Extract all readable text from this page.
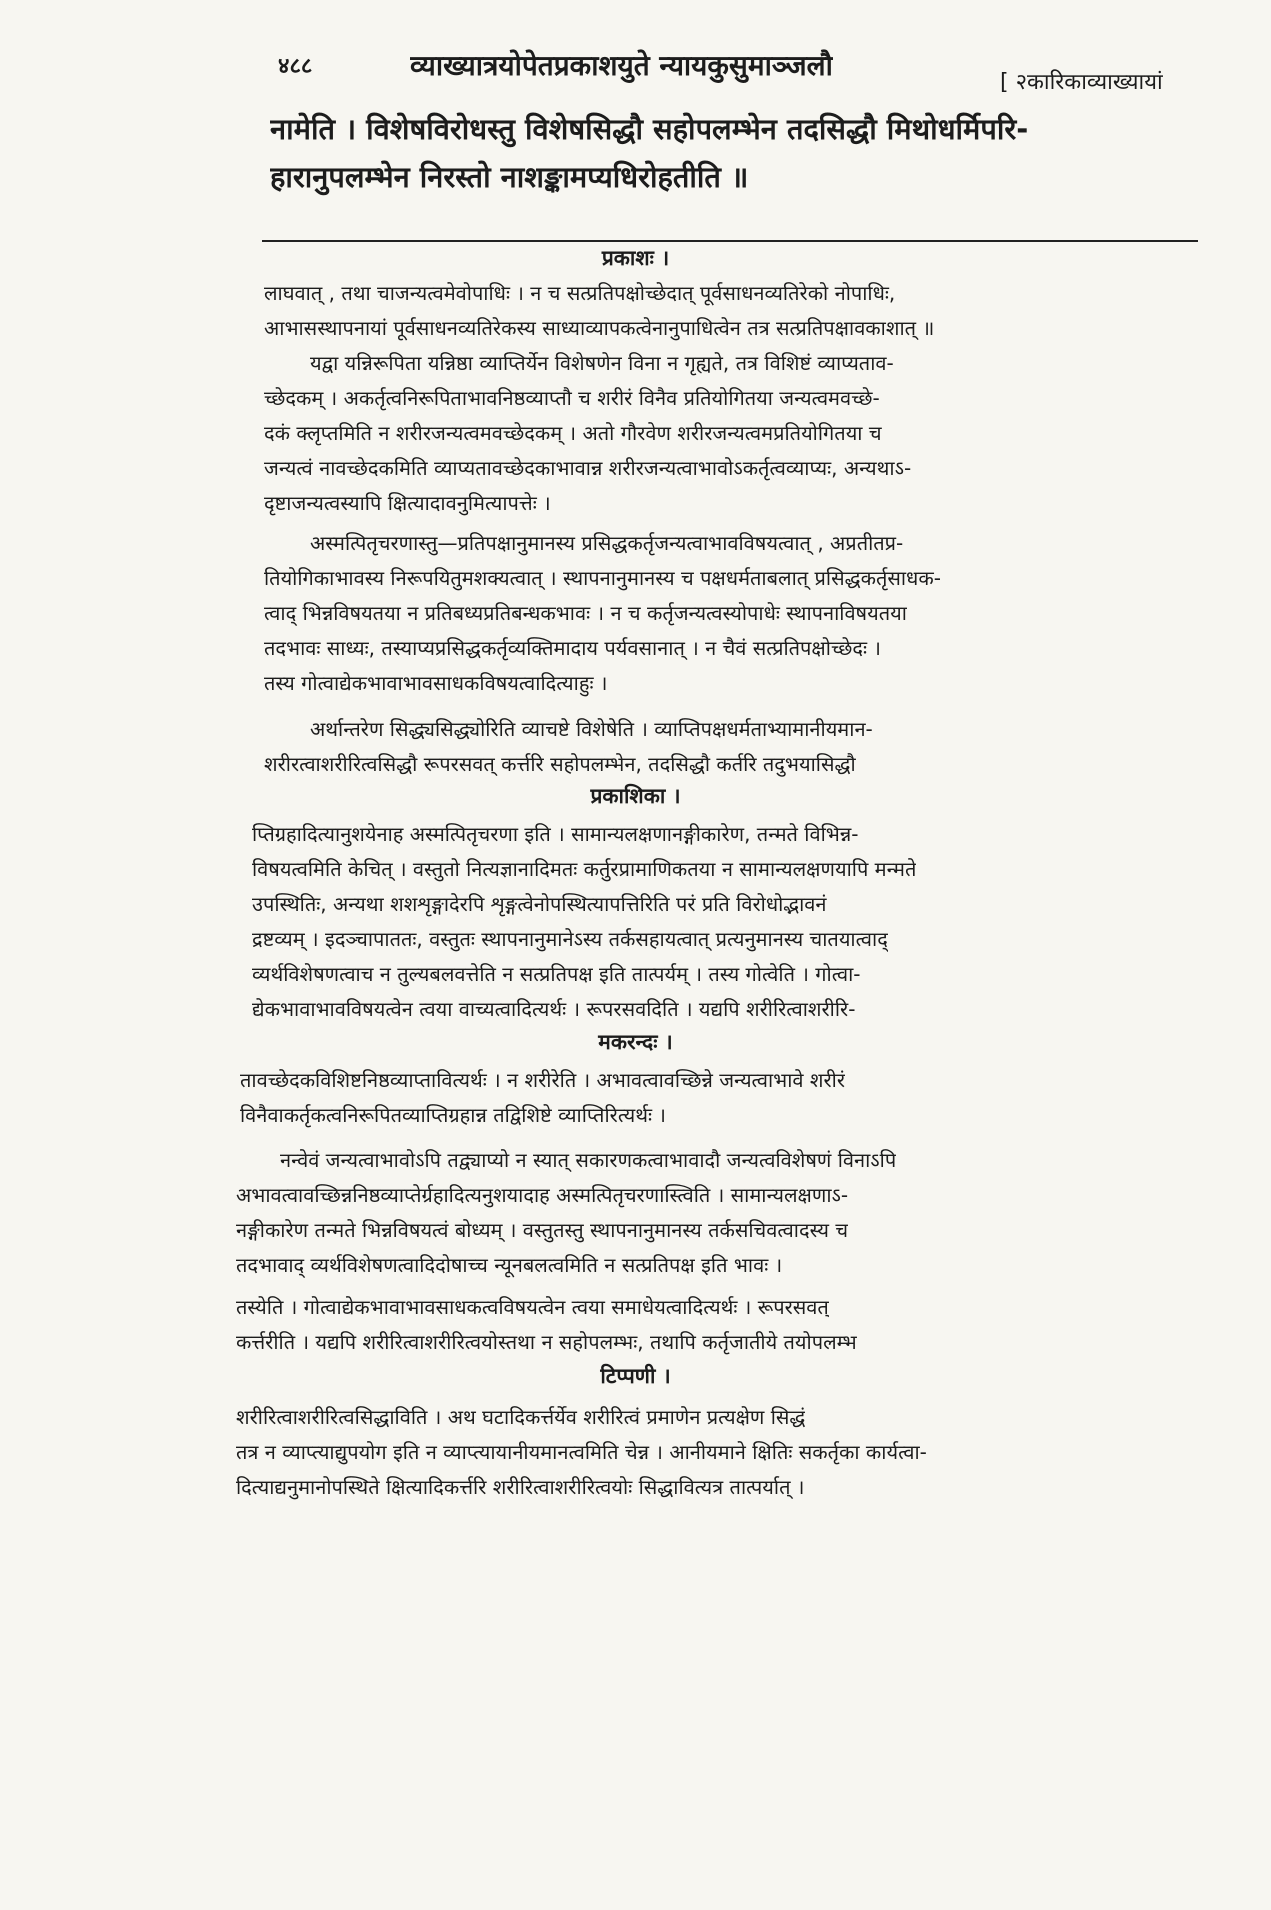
४८८	व्याख्यात्रयोपेतप्रकाशयुते न्यायकुसुमाञ्जलौ
[ २कारिकाव्याख्यायां
नामेति । विशेषविरोधस्तु विशेषसिद्धौ सहोपलम्भेन तदसिद्धौ मिथोधर्मिपरि-
हारानुपलम्भेन निरस्तो नाशङ्कामप्यधिरोहतीति ॥
प्रकाशः ।
लाघवात् , तथा चाजन्यत्वमेवोपाधिः । न च सत्प्रतिपक्षोच्छेदात् पूर्वसाधनव्यतिरेको नोपाधिः,
आभासस्थापनायां पूर्वसाधनव्यतिरेकस्य साध्याव्यापकत्वेनानुपाधित्वेन तत्र सत्प्रतिपक्षावकाशात् ॥
यद्वा यन्निरूपिता यन्निष्ठा व्याप्तिर्येन विशेषणेन विना न गृह्यते, तत्र विशिष्टं व्याप्यताव-
च्छेदकम् । अकर्तृत्वनिरूपिताभावनिष्ठव्याप्तौ च शरीरं विनैव प्रतियोगितया जन्यत्वमवच्छे-
दकं क्लृप्तमिति न शरीरजन्यत्वमवच्छेदकम् । अतो गौरवेण शरीरजन्यत्वमप्रतियोगितया च
जन्यत्वं नावच्छेदकमिति व्याप्यतावच्छेदकाभावान्न शरीरजन्यत्वाभावोऽकर्तृत्वव्याप्यः, अन्यथाऽ-
दृष्टाजन्यत्वस्यापि क्षित्यादावनुमित्यापत्तेः ।
अस्मत्पितृचरणास्तु—प्रतिपक्षानुमानस्य प्रसिद्धकर्तृजन्यत्वाभावविषयत्वात् , अप्रतीतप्र-
तियोगिकाभावस्य निरूपयितुमशक्यत्वात् । स्थापनानुमानस्य च पक्षधर्मताबलात् प्रसिद्धकर्तृसाधक-
त्वाद् भिन्नविषयतया न प्रतिबध्यप्रतिबन्धकभावः । न च कर्तृजन्यत्वस्योपाधेः स्थापनाविषयतया
तदभावः साध्यः, तस्याप्यप्रसिद्धकर्तृव्यक्तिमादाय पर्यवसानात् । न चैवं सत्प्रतिपक्षोच्छेदः ।
तस्य गोत्वाद्येकभावाभावसाधकविषयत्वादित्याहुः ।
अर्थान्तरेण सिद्ध्यसिद्ध्योरिति व्याचष्टे विशेषेति । व्याप्तिपक्षधर्मताभ्यामानीयमान-
शरीरत्वाशरीरित्वसिद्धौ रूपरसवत् कर्त्तरि सहोपलम्भेन, तदसिद्धौ कर्तरि तदुभयासिद्धौ
प्रकाशिका ।
प्तिग्रहादित्यानुशयेनाह अस्मत्पितृचरणा इति । सामान्यलक्षणानङ्गीकारेण, तन्मते विभिन्न-
विषयत्वमिति केचित् । वस्तुतो नित्यज्ञानादिमतः कर्तुरप्रामाणिकतया न सामान्यलक्षणयापि मन्मते
उपस्थितिः, अन्यथा शशशृङ्गादेरपि शृङ्गत्वेनोपस्थित्यापत्तिरिति परं प्रति विरोधोद्भावनं
द्रष्टव्यम् । इदञ्चापाततः, वस्तुतः स्थापनानुमानेऽस्य तर्कसहायत्वात् प्रत्यनुमानस्य चातयात्वाद्
व्यर्थविशेषणत्वाच न तुल्यबलवत्तेति न सत्प्रतिपक्ष इति तात्पर्यम् । तस्य गोत्वेति । गोत्वा-
द्येकभावाभावविषयत्वेन त्वया वाच्यत्वादित्यर्थः । रूपरसवदिति । यद्यपि शरीरित्वाशरीरि-
मकरन्दः ।
तावच्छेदकविशिष्टनिष्ठव्याप्तावित्यर्थः । न शरीरेति । अभावत्वावच्छिन्ने जन्यत्वाभावे शरीरं
विनैवाकर्तृकत्वनिरूपितव्याप्तिग्रहान्न तद्विशिष्टे व्याप्तिरित्यर्थः ।
नन्वेवं जन्यत्वाभावोऽपि तद्व्याप्यो न स्यात् सकारणकत्वाभावादौ जन्यत्वविशेषणं विनाऽपि
अभावत्वावच्छिन्ननिष्ठव्याप्तेर्ग्रहादित्यनुशयादाह अस्मत्पितृचरणास्त्विति । सामान्यलक्षणाऽ-
नङ्गीकारेण तन्मते भिन्नविषयत्वं बोध्यम् । वस्तुतस्तु स्थापनानुमानस्य तर्कसचिवत्वादस्य च
तदभावाद् व्यर्थविशेषणत्वादिदोषाच्च न्यूनबलत्वमिति न सत्प्रतिपक्ष इति भावः ।
तस्येति । गोत्वाद्येकभावाभावसाधकत्वविषयत्वेन त्वया समाधेयत्वादित्यर्थः । रूपरसवत्
कर्त्तरीति । यद्यपि शरीरित्वाशरीरित्वयोस्तथा न सहोपलम्भः, तथापि कर्तृजातीये तयोपलम्भ
टिप्पणी ।
शरीरित्वाशरीरित्वसिद्धाविति । अथ घटादिकर्त्तर्येव शरीरित्वं प्रमाणेन प्रत्यक्षेण सिद्धं
तत्र न व्याप्त्याद्युपयोग इति न व्याप्त्यायानीयमानत्वमिति चेन्न । आनीयमाने क्षितिः सकर्तृका कार्यत्वा-
दित्याद्यनुमानोपस्थिते क्षित्यादिकर्त्तरि शरीरित्वाशरीरित्वयोः सिद्धावित्यत्र तात्पर्यात् ।
